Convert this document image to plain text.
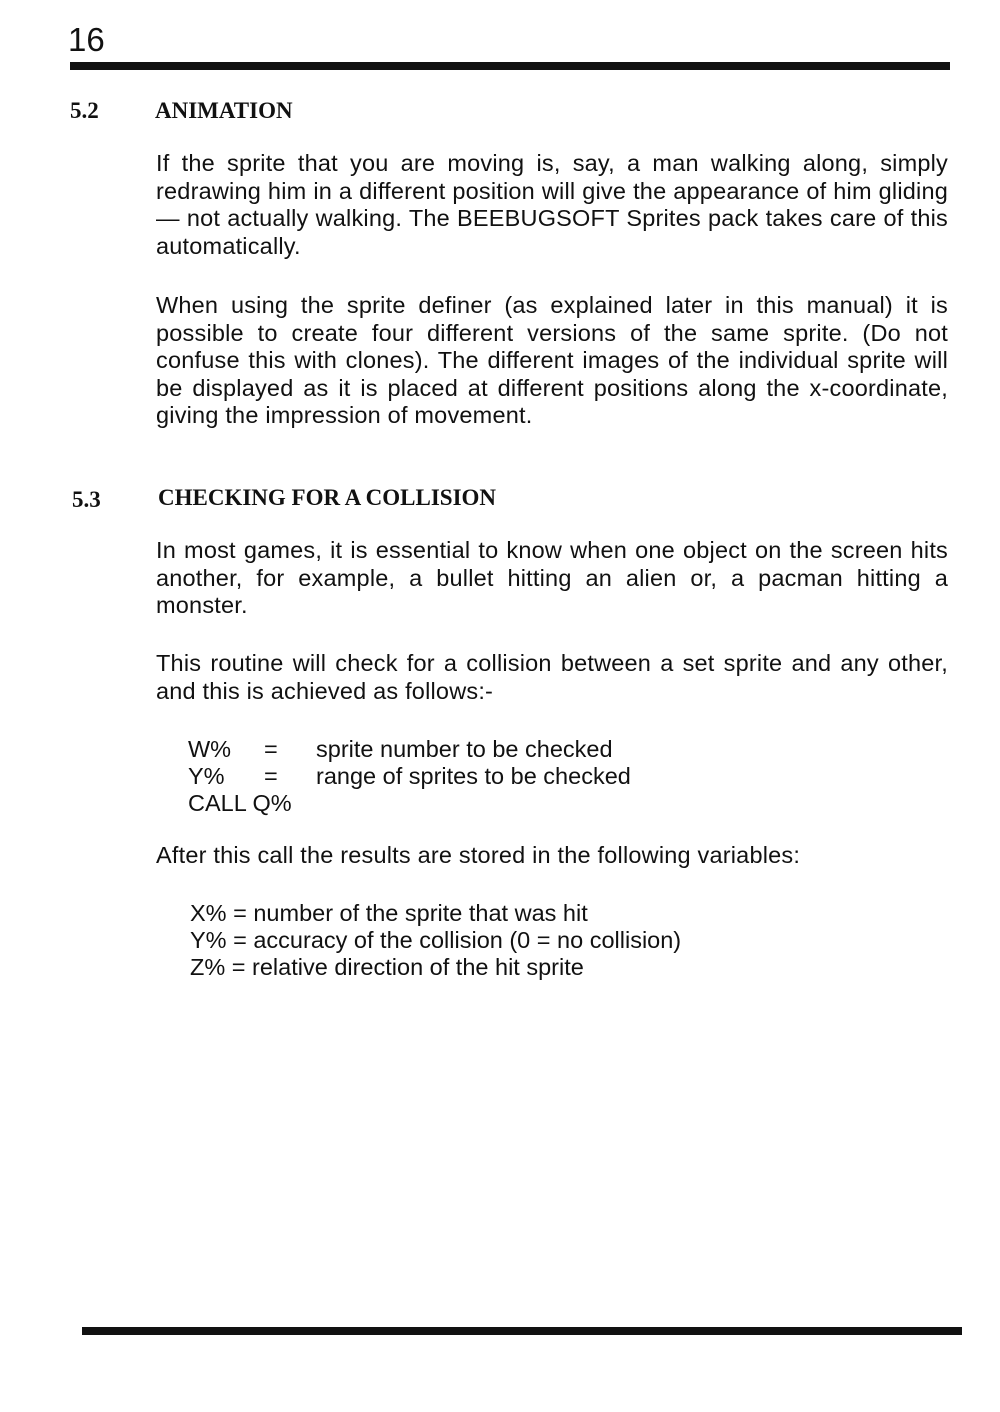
16
5.2 ANIMATION
If the sprite that you are moving is, say, a man walking along, simply redrawing him in a different position will give the appearance of him gliding — not actually walking. The BEEBUGSOFT Sprites pack takes care of this automatically.
When using the sprite definer (as explained later in this manual) it is possible to create four different versions of the same sprite. (Do not confuse this with clones). The different images of the individual sprite will be displayed as it is placed at different positions along the x-coordinate, giving the impression of movement.
5.3 CHECKING FOR A COLLISION
In most games, it is essential to know when one object on the screen hits another, for example, a bullet hitting an alien or, a pacman hitting a monster.
This routine will check for a collision between a set sprite and any other, and this is achieved as follows:-
W%	=	sprite number to be checked
Y%	=	range of sprites to be checked
CALL Q%
After this call the results are stored in the following variables:
X% = number of the sprite that was hit
Y% = accuracy of the collision (0 = no collision)
Z% = relative direction of the hit sprite
